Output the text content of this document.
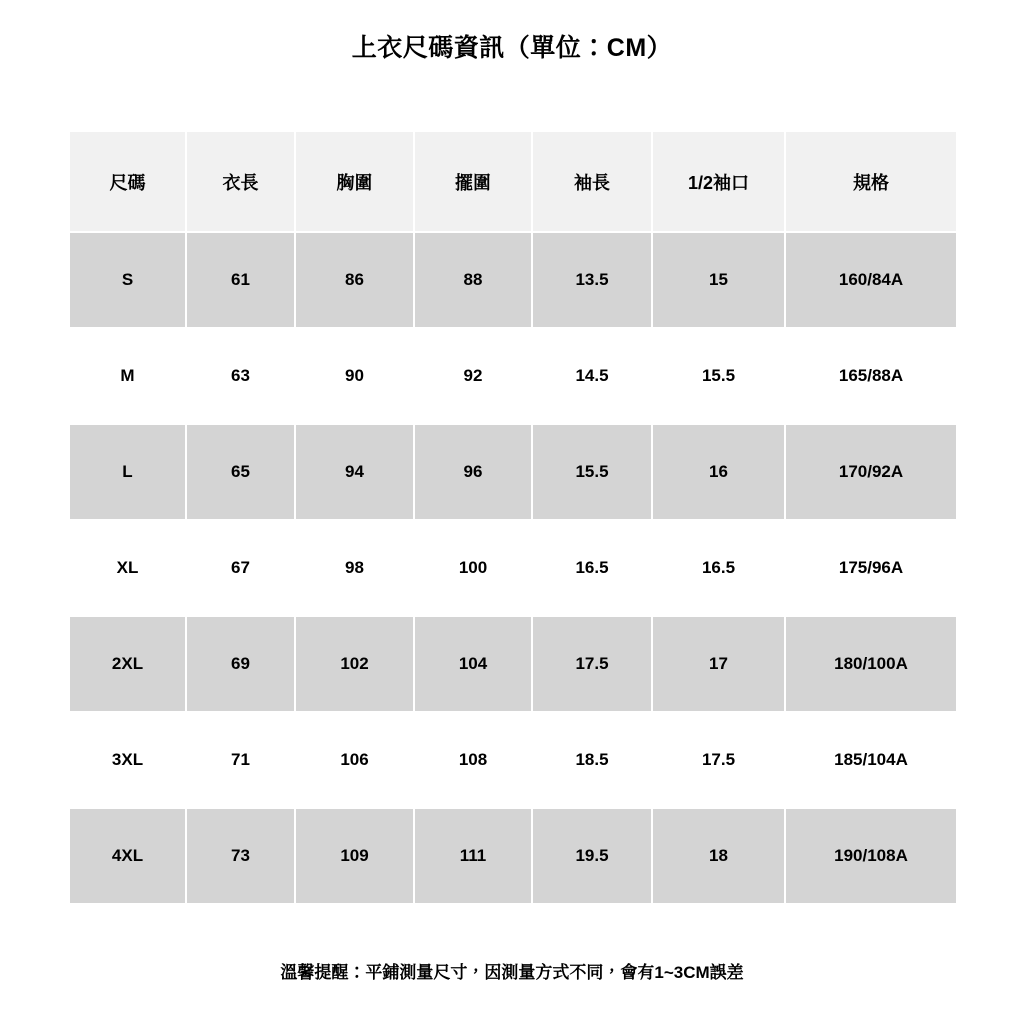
上衣尺碼資訊（單位：CM）
尺碼	衣長	胸圍	擺圍	袖長	1/2袖口	規格
S	61	86	88	13.5	15	160/84A
M	63	90	92	14.5	15.5	165/88A
L	65	94	96	15.5	16	170/92A
XL	67	98	100	16.5	16.5	175/96A
2XL	69	102	104	17.5	17	180/100A
3XL	71	106	108	18.5	17.5	185/104A
4XL	73	109	111	19.5	18	190/108A
溫馨提醒：平鋪測量尺寸，因測量方式不同，會有1~3CM誤差
